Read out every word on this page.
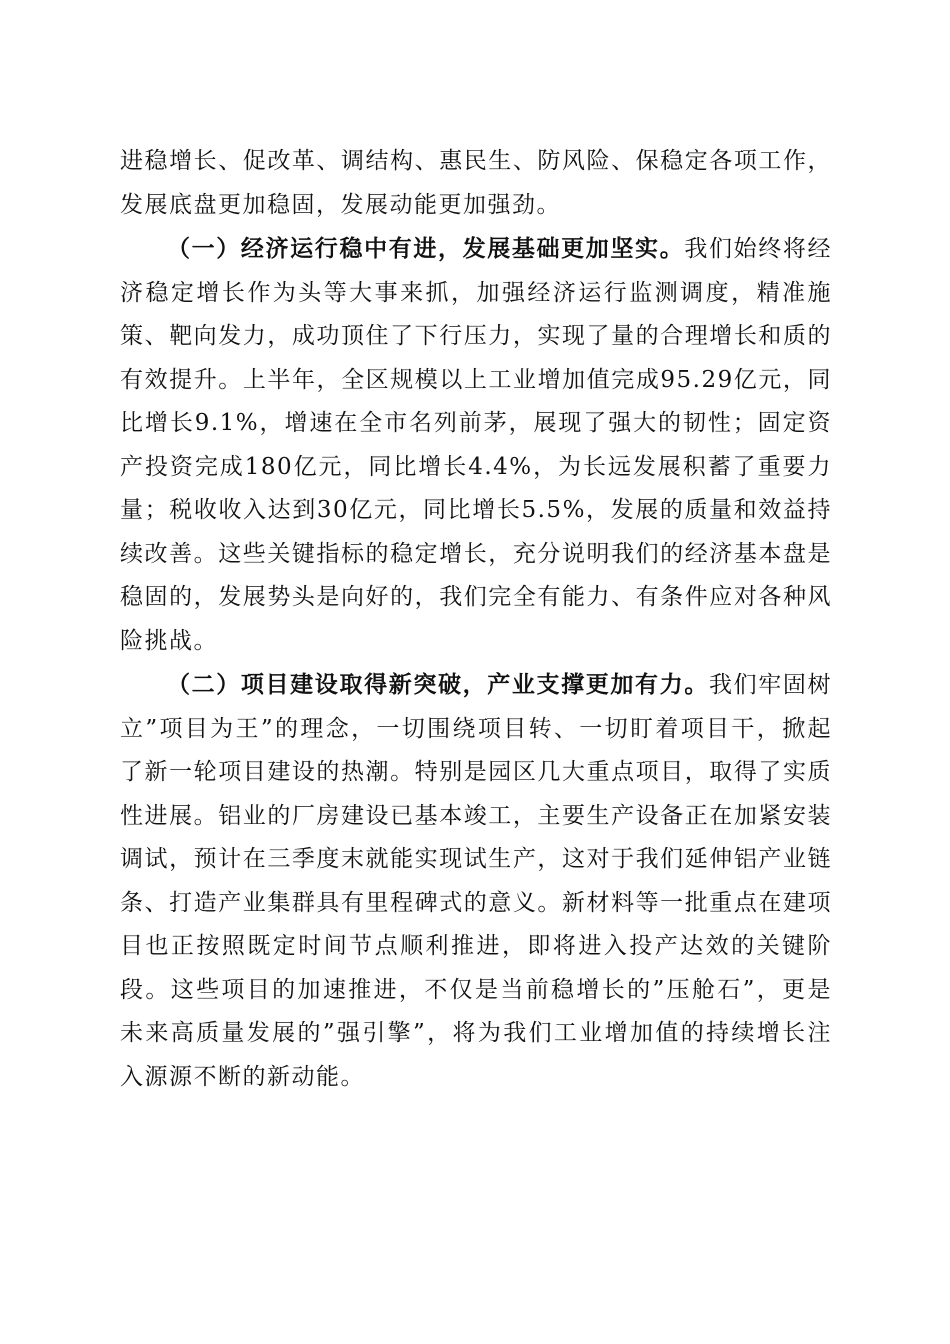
进稳增长、促改革、调结构、惠民生、防风险、保稳定各项工作，发展底盘更加稳固，发展动能更加强劲。

（一）经济运行稳中有进，发展基础更加坚实。我们始终将经济稳定增长作为头等大事来抓，加强经济运行监测调度，精准施策、靶向发力，成功顶住了下行压力，实现了量的合理增长和质的有效提升。上半年，全区规模以上工业增加值完成95.29亿元，同比增长9.1%，增速在全市名列前茅，展现了强大的韧性；固定资产投资完成180亿元，同比增长4.4%，为长远发展积蓄了重要力量；税收收入达到30亿元，同比增长5.5%，发展的质量和效益持续改善。这些关键指标的稳定增长，充分说明我们的经济基本盘是稳固的，发展势头是向好的，我们完全有能力、有条件应对各种风险挑战。

（二）项目建设取得新突破，产业支撑更加有力。我们牢固树立”项目为王”的理念，一切围绕项目转、一切盯着项目干，掀起了新一轮项目建设的热潮。特别是园区几大重点项目，取得了实质性进展。铝业的厂房建设已基本竣工，主要生产设备正在加紧安装调试，预计在三季度末就能实现试生产，这对于我们延伸铝产业链条、打造产业集群具有里程碑式的意义。新材料等一批重点在建项目也正按照既定时间节点顺利推进，即将进入投产达效的关键阶段。这些项目的加速推进，不仅是当前稳增长的”压舱石”，更是未来高质量发展的”强引擎”，将为我们工业增加值的持续增长注入源源不断的新动能。
